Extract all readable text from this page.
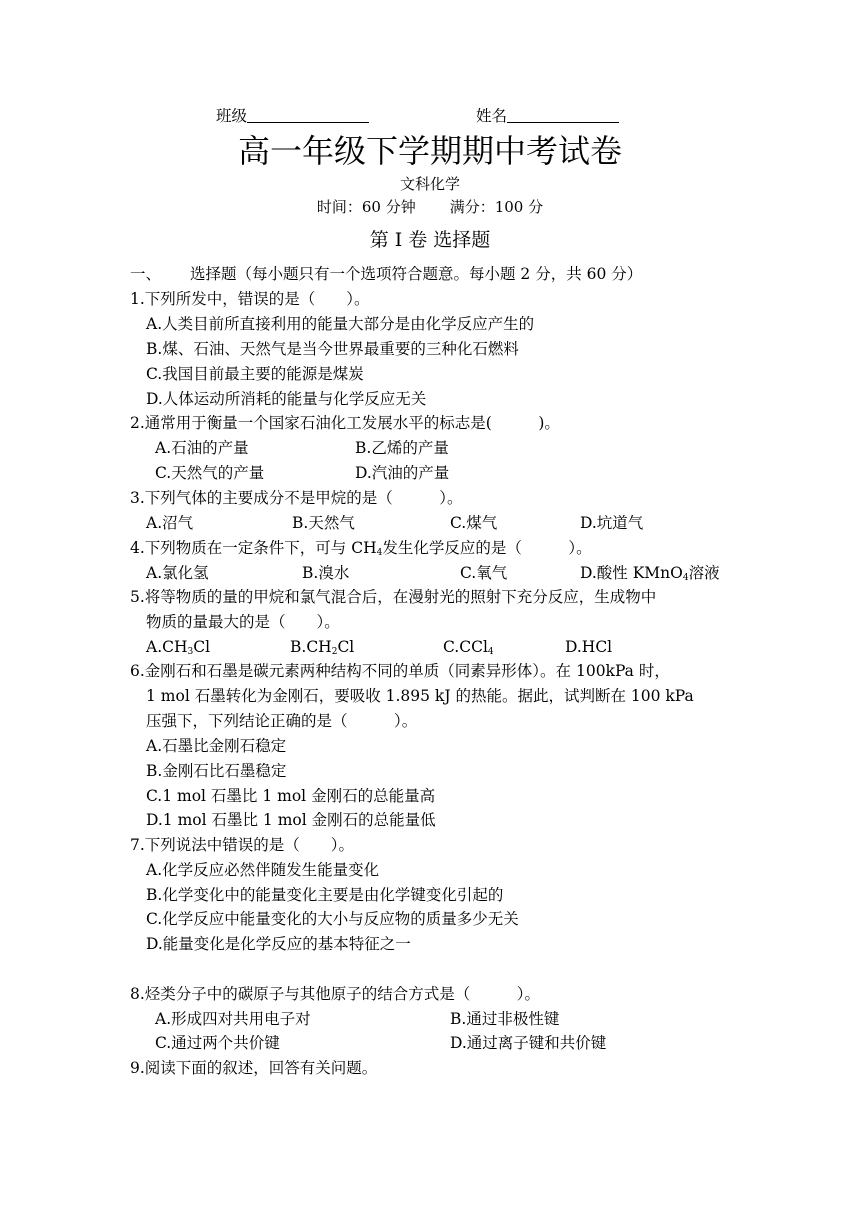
班级	姓名
高一年级下学期期中考试卷
文科化学
时间：60 分钟 满分：100 分
第 I 卷 选择题
一、 选择题（每小题只有一个选项符合题意。每小题 2 分，共 60 分）
1.下列所发中，错误的是（　　）。
A.人类目前所直接利用的能量大部分是由化学反应产生的
B.煤、石油、天然气是当今世界最重要的三种化石燃料
C.我国目前最主要的能源是煤炭
D.人体运动所消耗的能量与化学反应无关
2.通常用于衡量一个国家石油化工发展水平的标志是(　　　)。
A.石油的产量	B.乙烯的产量
C.天然气的产量	D.汽油的产量
3.下列气体的主要成分不是甲烷的是（　　　）。
A.沼气	B.天然气	C.煤气	D.坑道气
4.下列物质在一定条件下，可与 $CH_4$发生化学反应的是（　　　）。
A.氯化氢	B.溴水	C.氧气	D.酸性 KMnO$_4$溶液
5.将等物质的量的甲烷和氯气混合后，在漫射光的照射下充分反应，生成物中
物质的量最大的是（　　）。
$A.CH_3Cl$	$B.CH_2Cl$	C.CCl$_4$	D.HCl
6.金刚石和石墨是碳元素两种结构不同的单质（同素异形体）。在 100kPa 时，
1 mol 石墨转化为金刚石，要吸收 1.895 kJ 的热能。据此，试判断在 100 kPa
压强下，下列结论正确的是（　　　）。
A.石墨比金刚石稳定
B.金刚石比石墨稳定
C.1 mol 石墨比 1 mol 金刚石的总能量高
D.1 mol 石墨比 1 mol 金刚石的总能量低
7.下列说法中错误的是（　　）。
A.化学反应必然伴随发生能量变化
B.化学变化中的能量变化主要是由化学键变化引起的
C.化学反应中能量变化的大小与反应物的质量多少无关
D.能量变化是化学反应的基本特征之一
8.烃类分子中的碳原子与其他原子的结合方式是（　　　）。
A.形成四对共用电子对	B.通过非极性键
C.通过两个共价键	D.通过离子键和共价键
9.阅读下面的叙述，回答有关问题。
